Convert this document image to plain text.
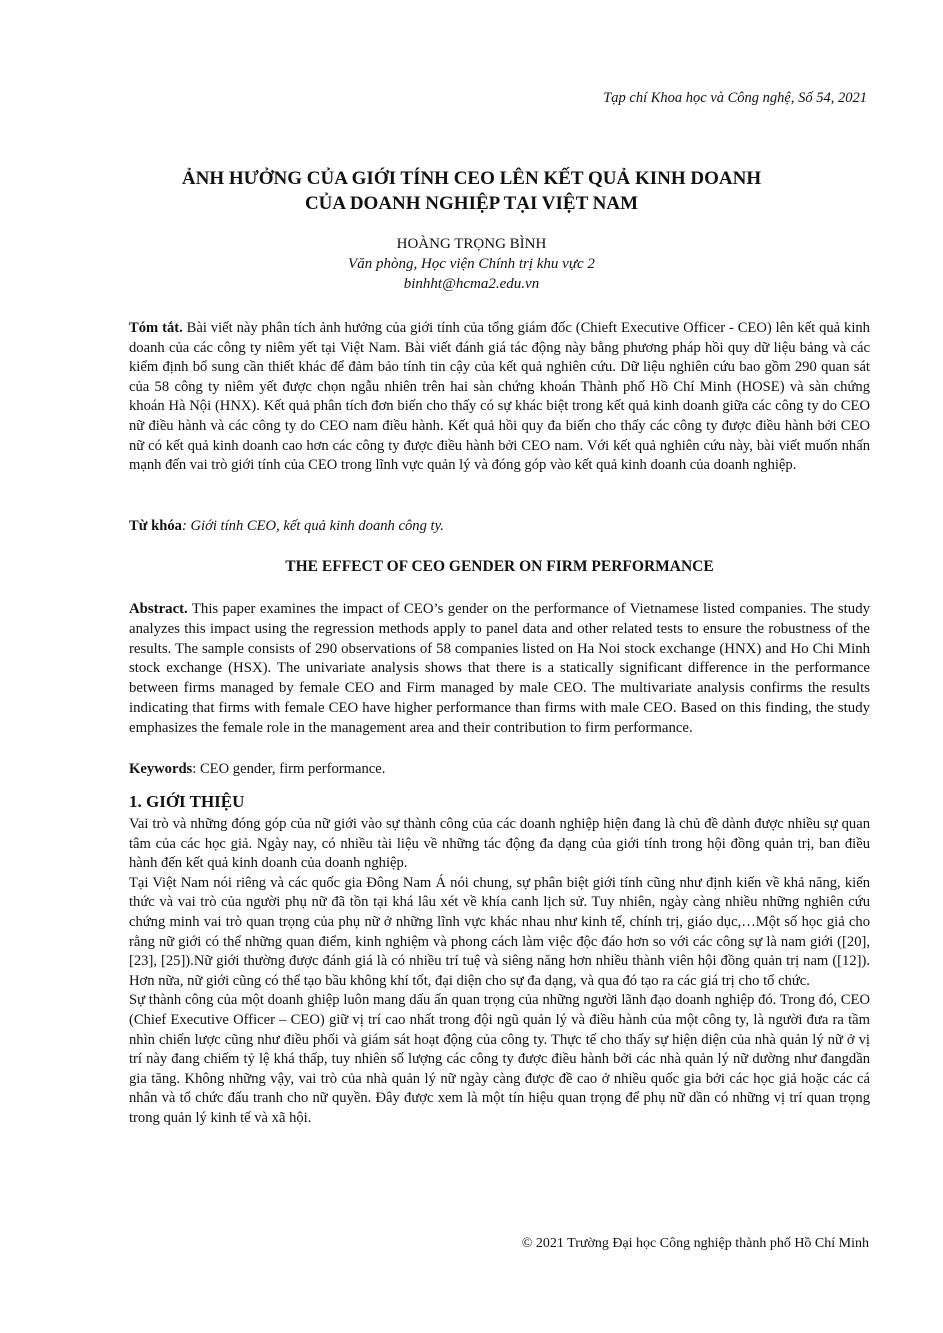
Tạp chí Khoa học và Công nghệ, Số 54, 2021
ẢNH HƯỞNG CỦA GIỚI TÍNH CEO LÊN KẾT QUẢ KINH DOANH
CỦA DOANH NGHIỆP TẠI VIỆT NAM
HOÀNG TRỌNG BÌNH
Văn phòng, Học viện Chính trị khu vực 2
binhht@hcma2.edu.vn
Tóm tắt. Bài viết này phân tích ảnh hưởng của giới tính của tổng giám đốc (Chieft Executive Officer - CEO) lên kết quả kinh doanh của các công ty niêm yết tại Việt Nam. Bài viết đánh giá tác động này bằng phương pháp hồi quy dữ liệu bảng và các kiểm định bổ sung cần thiết khác để đảm bảo tính tin cậy của kết quả nghiên cứu. Dữ liệu nghiên cứu bao gồm 290 quan sát của 58 công ty niêm yết được chọn ngẫu nhiên trên hai sàn chứng khoán Thành phố Hồ Chí Minh (HOSE) và sàn chứng khoán Hà Nội (HNX). Kết quả phân tích đơn biến cho thấy có sự khác biệt trong kết quả kinh doanh giữa các công ty do CEO nữ điều hành và các công ty do CEO nam điều hành. Kết quả hồi quy đa biến cho thấy các công ty được điều hành bởi CEO nữ có kết quả kinh doanh cao hơn các công ty được điều hành bởi CEO nam. Với kết quả nghiên cứu này, bài viết muốn nhấn mạnh đến vai trò giới tính của CEO trong lĩnh vực quản lý và đóng góp vào kết quả kinh doanh của doanh nghiệp.
Từ khóa: Giới tính CEO, kết quả kinh doanh công ty.
THE EFFECT OF CEO GENDER ON FIRM PERFORMANCE
Abstract. This paper examines the impact of CEO’s gender on the performance of Vietnamese listed companies. The study analyzes this impact using the regression methods apply to panel data and other related tests to ensure the robustness of the results. The sample consists of 290 observations of 58 companies listed on Ha Noi stock exchange (HNX) and Ho Chi Minh stock exchange (HSX). The univariate analysis shows that there is a statically significant difference in the performance between firms managed by female CEO and Firm managed by male CEO. The multivariate analysis confirms the results indicating that firms with female CEO have higher performance than firms with male CEO. Based on this finding, the study emphasizes the female role in the management area and their contribution to firm performance.
Keywords: CEO gender, firm performance.
1. GIỚI THIỆU

Vai trò và những đóng góp của nữ giới vào sự thành công của các doanh nghiệp hiện đang là chủ đề dành được nhiều sự quan tâm của các học giả. Ngày nay, có nhiều tài liệu về những tác động đa dạng của giới tính trong hội đồng quản trị, ban điều hành đến kết quả kinh doanh của doanh nghiệp.

Tại Việt Nam nói riêng và các quốc gia Đông Nam Á nói chung, sự phân biệt giới tính cũng như định kiến về khả năng, kiến thức và vai trò của người phụ nữ đã tồn tại khá lâu xét về khía canh lịch sử. Tuy nhiên, ngày càng nhiều những nghiên cứu chứng minh vai trò quan trọng của phụ nữ ở những lĩnh vực khác nhau như kinh tế, chính trị, giáo dục,…Một số học giả cho rằng nữ giới có thể những quan điểm, kinh nghiệm và phong cách làm việc độc đáo hơn so với các công sự là nam giới ([20], [23], [25]).Nữ giới thường được đánh giá là có nhiều trí tuệ và siêng năng hơn nhiều thành viên hội đồng quản trị nam ([12]). Hơn nữa, nữ giới cũng có thể tạo bầu không khí tốt, đại diện cho sự đa dạng, và qua đó tạo ra các giá trị cho tổ chức.

Sự thành công của một doanh ghiệp luôn mang dấu ấn quan trọng của những người lãnh đạo doanh nghiệp đó. Trong đó, CEO (Chief Executive Officer – CEO) giữ vị trí cao nhất trong đội ngũ quản lý và điều hành của một công ty, là người đưa ra tầm nhìn chiến lược cũng như điều phối và giám sát hoạt động của công ty. Thực tế cho thấy sự hiện diện của nhà quản lý nữ ở vị trí này đang chiếm tỷ lệ khá thấp, tuy nhiên số lượng các công ty được điều hành bởi các nhà quản lý nữ dường như đangdần gia tăng. Không những vậy, vai trò của nhà quản lý nữ ngày càng được đề cao ở nhiều quốc gia bởi các học giả hoặc các cá nhân và tổ chức đấu tranh cho nữ quyền. Đây được xem là một tín hiệu quan trọng để phụ nữ dần có những vị trí quan trọng trong quản lý kinh tế và xã hội.

© 2021 Trường Đại học Công nghiệp thành phố Hồ Chí Minh
